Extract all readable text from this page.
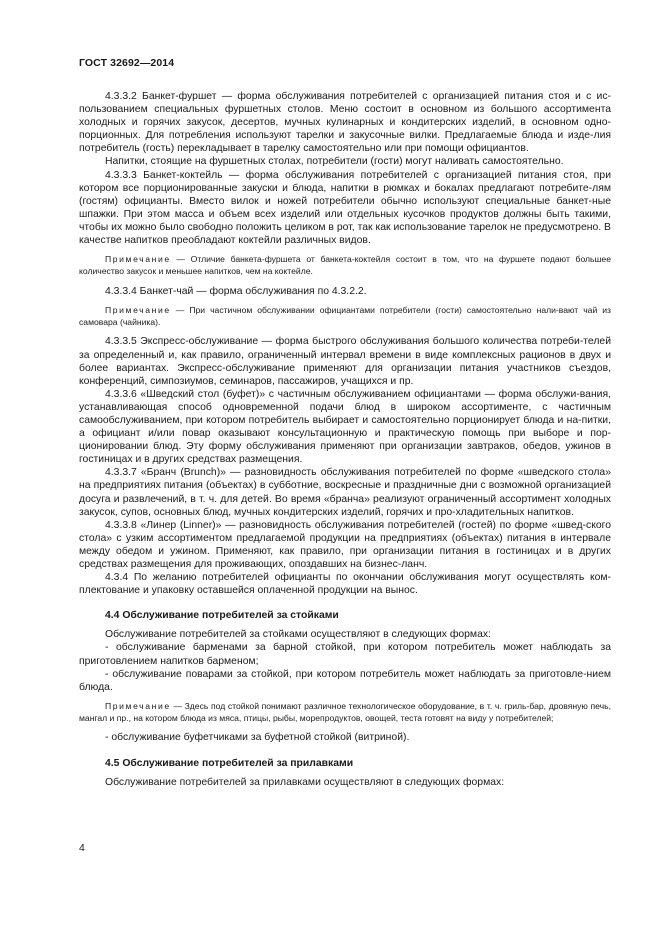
ГОСТ 32692—2014

4.3.3.2 Банкет-фуршет — форма обслуживания потребителей с организацией питания стоя и с ис-пользованием специальных фуршетных столов. Меню состоит в основном из большого ассортимента холодных и горячих закусок, десертов, мучных кулинарных и кондитерских изделий, в основном одно-порционных. Для потребления используют тарелки и закусочные вилки. Предлагаемые блюда и изде-лия потребитель (гость) перекладывает в тарелку самостоятельно или при помощи официантов.

Напитки, стоящие на фуршетных столах, потребители (гости) могут наливать самостоятельно.

4.3.3.3 Банкет-коктейль — форма обслуживания потребителей с организацией питания стоя, при котором все порционированные закуски и блюда, напитки в рюмках и бокалах предлагают потребите-лям (гостям) официанты. Вместо вилок и ножей потребители обычно используют специальные банкет-ные шпажки. При этом масса и объем всех изделий или отдельных кусочков продуктов должны быть такими, чтобы их можно было свободно положить целиком в рот, так как использование тарелок не предусмотрено. В качестве напитков преобладают коктейли различных видов.

Примечание — Отличие банкета-фуршета от банкета-коктейля состоит в том, что на фуршете подают большее количество закусок и меньшее напитков, чем на коктейле.

4.3.3.4 Банкет-чай — форма обслуживания по 4.3.2.2.

Примечание — При частичном обслуживании официантами потребители (гости) самостоятельно нали-вают чай из самовара (чайника).

4.3.3.5 Экспресс-обслуживание — форма быстрого обслуживания большого количества потреби-телей за определенный и, как правило, ограниченный интервал времени в виде комплексных рационов в двух и более вариантах. Экспресс-обслуживание применяют для организации питания участников съездов, конференций, симпозиумов, семинаров, пассажиров, учащихся и пр.

4.3.3.6 «Шведский стол (буфет)» с частичным обслуживанием официантами — форма обслужи-вания, устанавливающая способ одновременной подачи блюд в широком ассортименте, с частичным самообслуживанием, при котором потребитель выбирает и самостоятельно порционирует блюда и на-питки, а официант и/или повар оказывают консультационную и практическую помощь при выборе и пор-ционировании блюд. Эту форму обслуживания применяют при организации завтраков, обедов, ужинов в гостиницах и в других средствах размещения.

4.3.3.7 «Бранч (Brunch)» — разновидность обслуживания потребителей по форме «шведского стола» на предприятиях питания (объектах) в субботние, воскресные и праздничные дни с возможной организацией досуга и развлечений, в т. ч. для детей. Во время «бранча» реализуют ограниченный ассортимент холодных закусок, супов, основных блюд, мучных кондитерских изделий, горячих и про-хладительных напитков.

4.3.3.8 «Линер (Linner)» — разновидность обслуживания потребителей (гостей) по форме «швед-ского стола» с узким ассортиментом предлагаемой продукции на предприятиях (объектах) питания в интервале между обедом и ужином. Применяют, как правило, при организации питания в гостиницах и в других средствах размещения для проживающих, опоздавших на бизнес-ланч.

4.3.4 По желанию потребителей официанты по окончании обслуживания могут осуществлять ком-плектование и упаковку оставшейся оплаченной продукции на вынос.

4.4 Обслуживание потребителей за стойками

Обслуживание потребителей за стойками осуществляют в следующих формах:

- обслуживание барменами за барной стойкой, при котором потребитель может наблюдать за приготовлением напитков барменом;

- обслуживание поварами за стойкой, при котором потребитель может наблюдать за приготовле-нием блюда.

Примечание — Здесь под стойкой понимают различное технологическое оборудование, в т. ч. гриль-бар, дровяную печь, мангал и пр., на котором блюда из мяса, птицы, рыбы, морепродуктов, овощей, теста готовят на виду у потребителей;

- обслуживание буфетчиками за буфетной стойкой (витриной).

4.5 Обслуживание потребителей за прилавками

Обслуживание потребителей за прилавками осуществляют в следующих формах:

4
